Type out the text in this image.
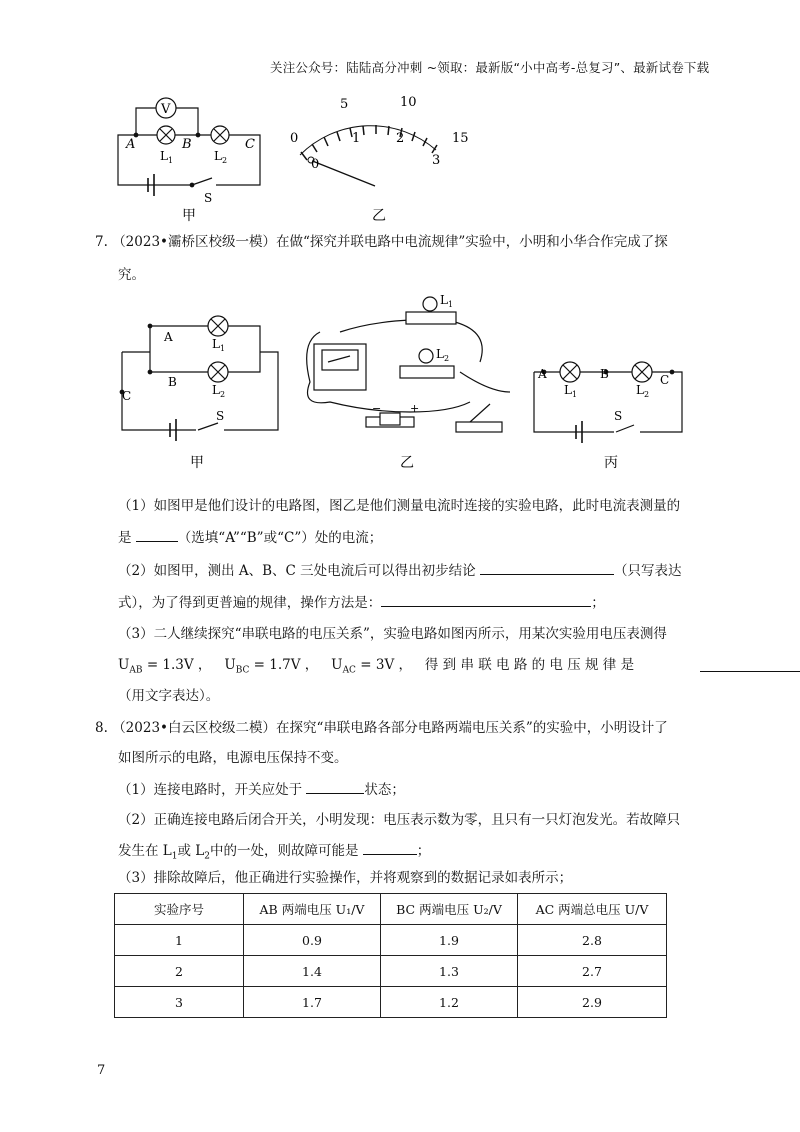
关注公众号：陆陆高分冲刺 ~领取：最新版“小中高考-总复习”、最新试卷下载
V
A	B	C
$L_1$	$L_2$
S
甲
0
5	10
15
0
1	2
3
乙
7. （2023•灞桥区校级一模）在做“探究并联电路中电流规律”实验中，小明和小华合作完成了探
究。
A
B
C
$L_1$
$L_2$
S
$L_1$
$L_2$
−	+
A	B	C
$L_1$	$L_2$
S
甲	乙	丙
（1）如图甲是他们设计的电路图，图乙是他们测量电流时连接的实验电路，此时电流表测量的
是	（选填“A”“B”或“C”）处的电流；
（2）如图甲，测出 A、B、C 三处电流后可以得出初步结论	（只写表达
式），为了得到更普遍的规律，操作方法是：	；
（3）二人继续探究“串联电路的电压关系”，实验电路如图丙所示，用某次实验用电压表测得
$U_{AB} = 1.3V$ ， $U_{BC} = 1.7V$ ， $U_{AC} = 3V$ ， 得 到 串 联 电 路 的 电 压 规 律 是
（用文字表达）。
8. （2023•白云区校级二模）在探究“串联电路各部分电路两端电压关系”的实验中，小明设计了
如图所示的电路，电源电压保持不变。
（1）连接电路时，开关应处于	状态；
（2）正确连接电路后闭合开关，小明发现：电压表示数为零，且只有一只灯泡发光。若故障只
发生在 $L_1$或 $L_2$中的一处，则故障可能是	；
（3）排除故障后，他正确进行实验操作，并将观察到的数据记录如表所示；
实验序号	AB 两端电压 U₁/V	BC 两端电压 U₂/V	AC 两端总电压 U/V
1	0.9	1.9	2.8
2	1.4	1.3	2.7
3	1.7	1.2	2.9
7
